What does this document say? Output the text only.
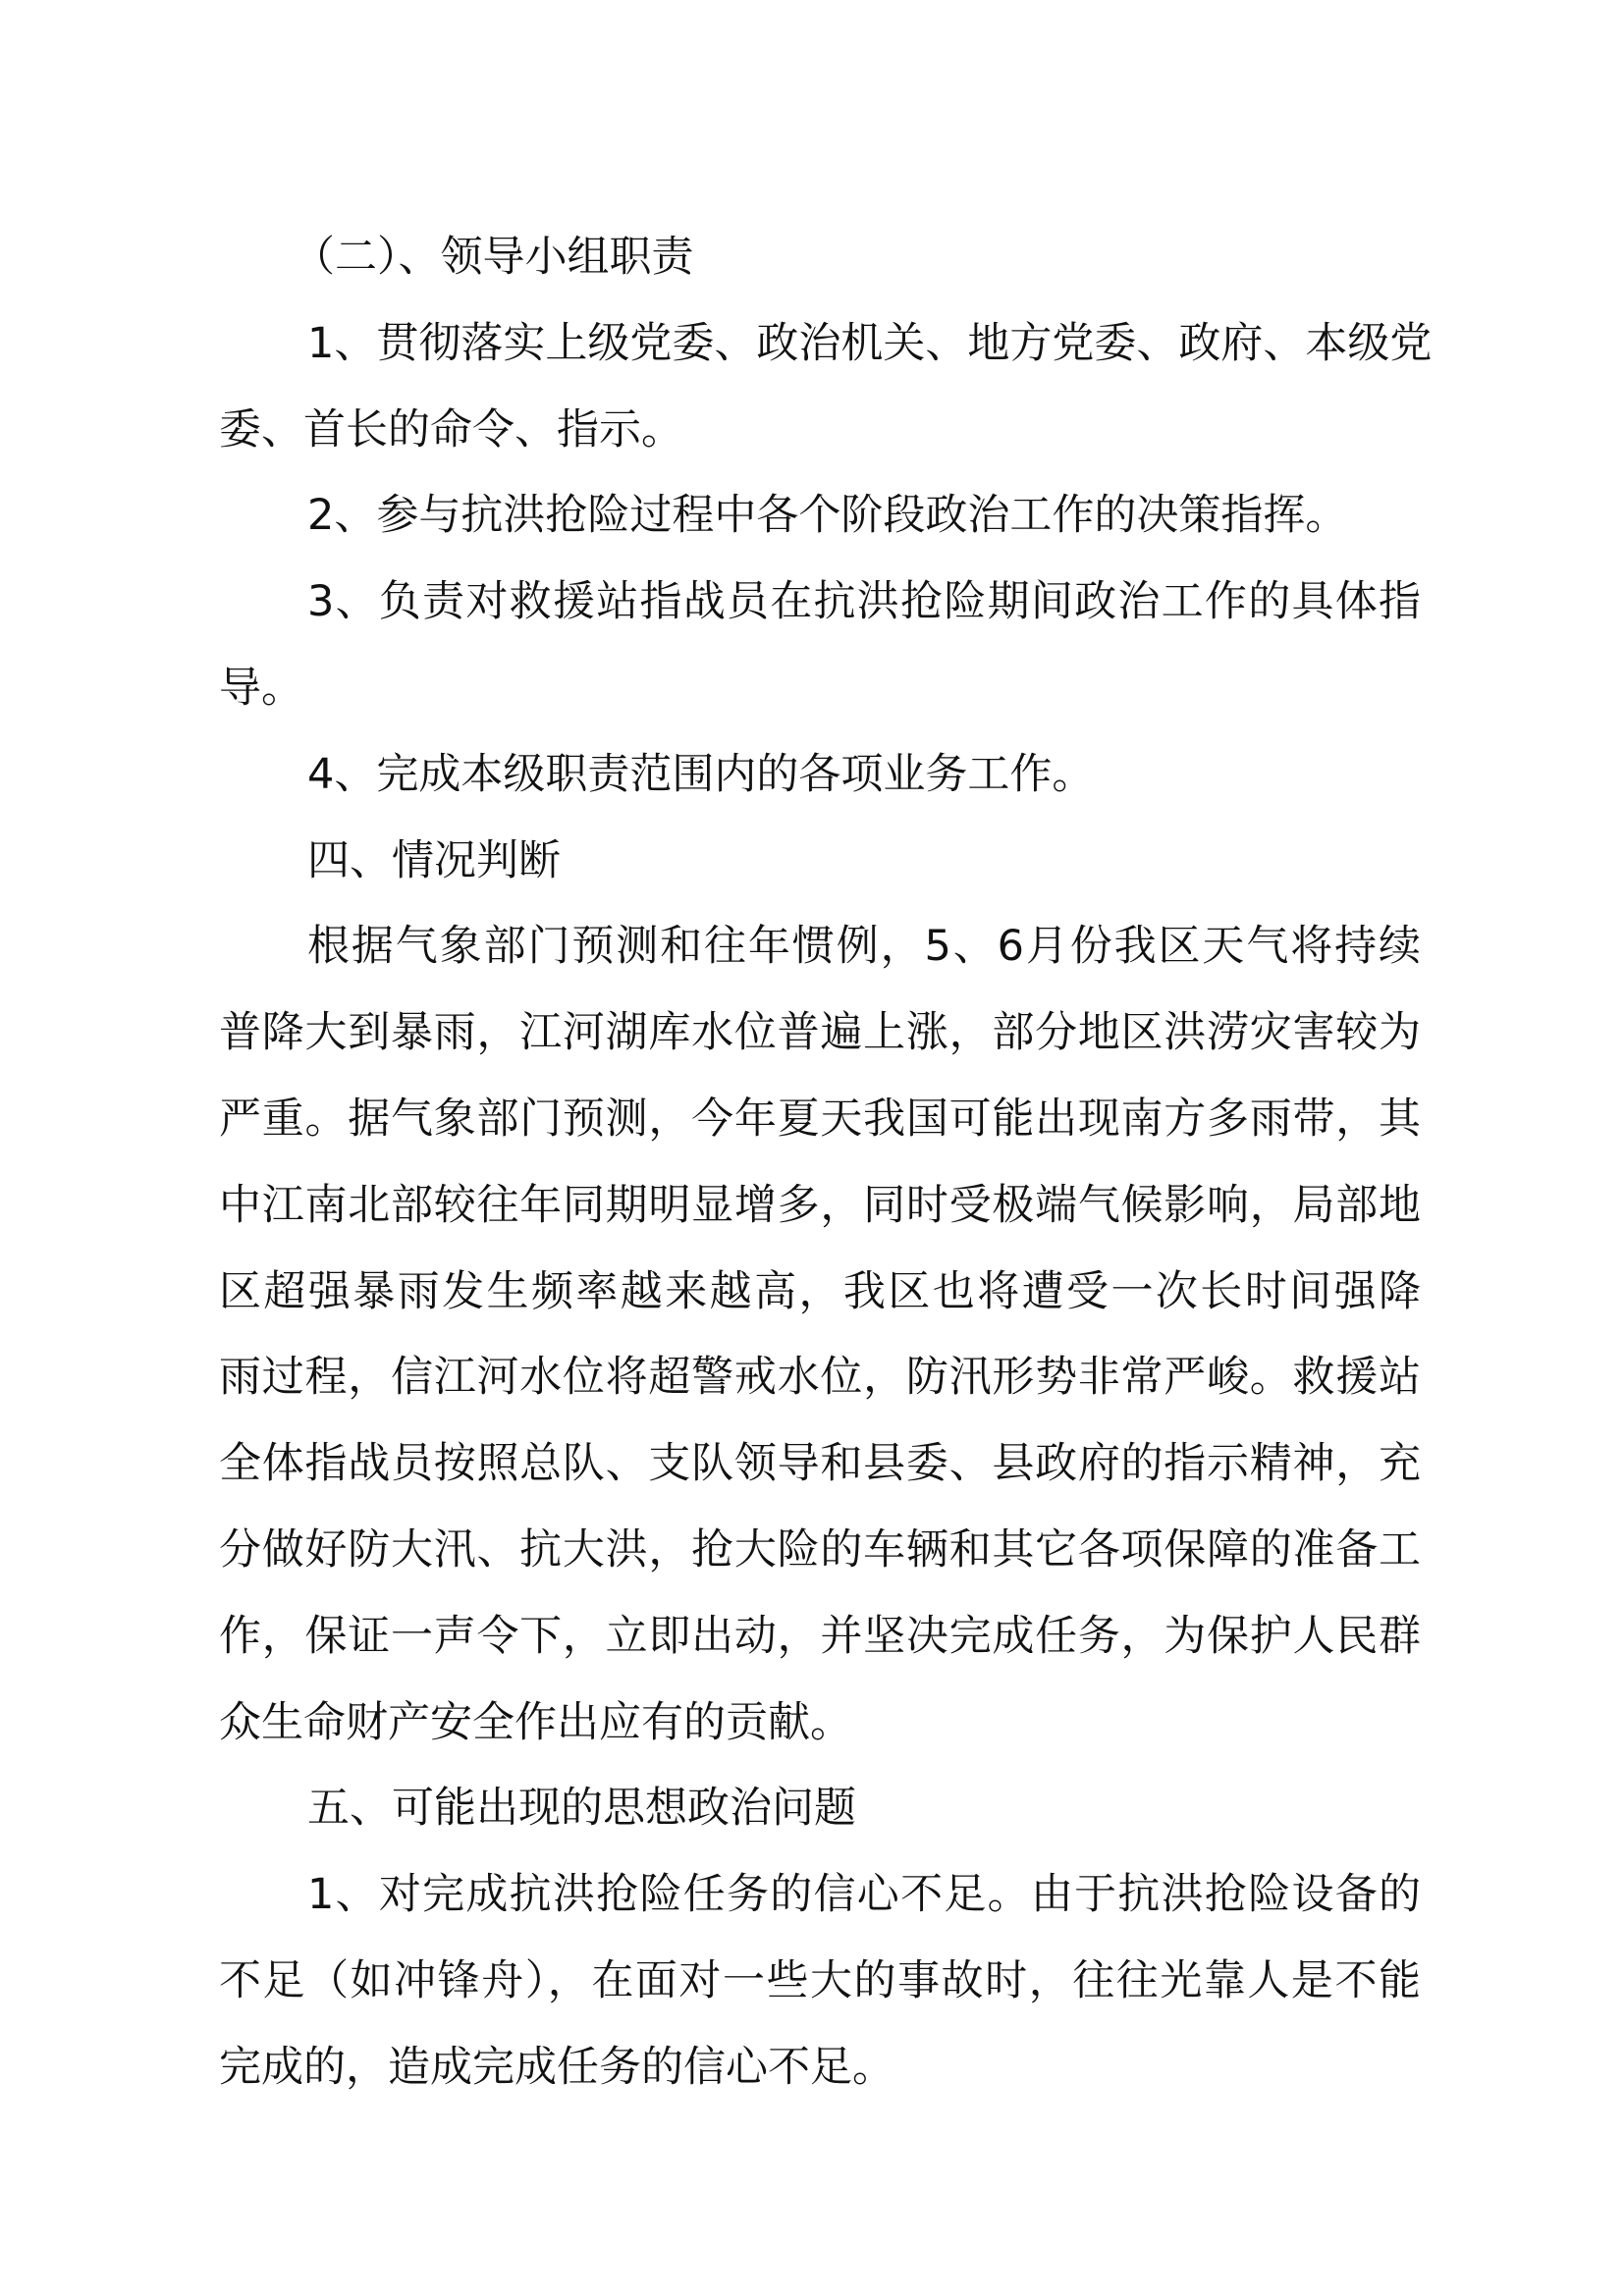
（二）、领导小组职责
1、贯彻落实上级党委、政治机关、地方党委、政府、本级党
委、首长的命令、指示。
2、参与抗洪抢险过程中各个阶段政治工作的决策指挥。
3、负责对救援站指战员在抗洪抢险期间政治工作的具体指
导。
4、完成本级职责范围内的各项业务工作。
四、情况判断
根据气象部门预测和往年惯例，5、6月份我区天气将持续
普降大到暴雨，江河湖库水位普遍上涨，部分地区洪涝灾害较为
严重。据气象部门预测，今年夏天我国可能出现南方多雨带，其
中江南北部较往年同期明显增多，同时受极端气候影响，局部地
区超强暴雨发生频率越来越高，我区也将遭受一次长时间强降
雨过程，信江河水位将超警戒水位，防汛形势非常严峻。救援站
全体指战员按照总队、支队领导和县委、县政府的指示精神，充
分做好防大汛、抗大洪，抢大险的车辆和其它各项保障的准备工
作，保证一声令下，立即出动，并坚决完成任务，为保护人民群
众生命财产安全作出应有的贡献。
五、可能出现的思想政治问题
1、对完成抗洪抢险任务的信心不足。由于抗洪抢险设备的
不足（如冲锋舟），在面对一些大的事故时，往往光靠人是不能
完成的，造成完成任务的信心不足。
